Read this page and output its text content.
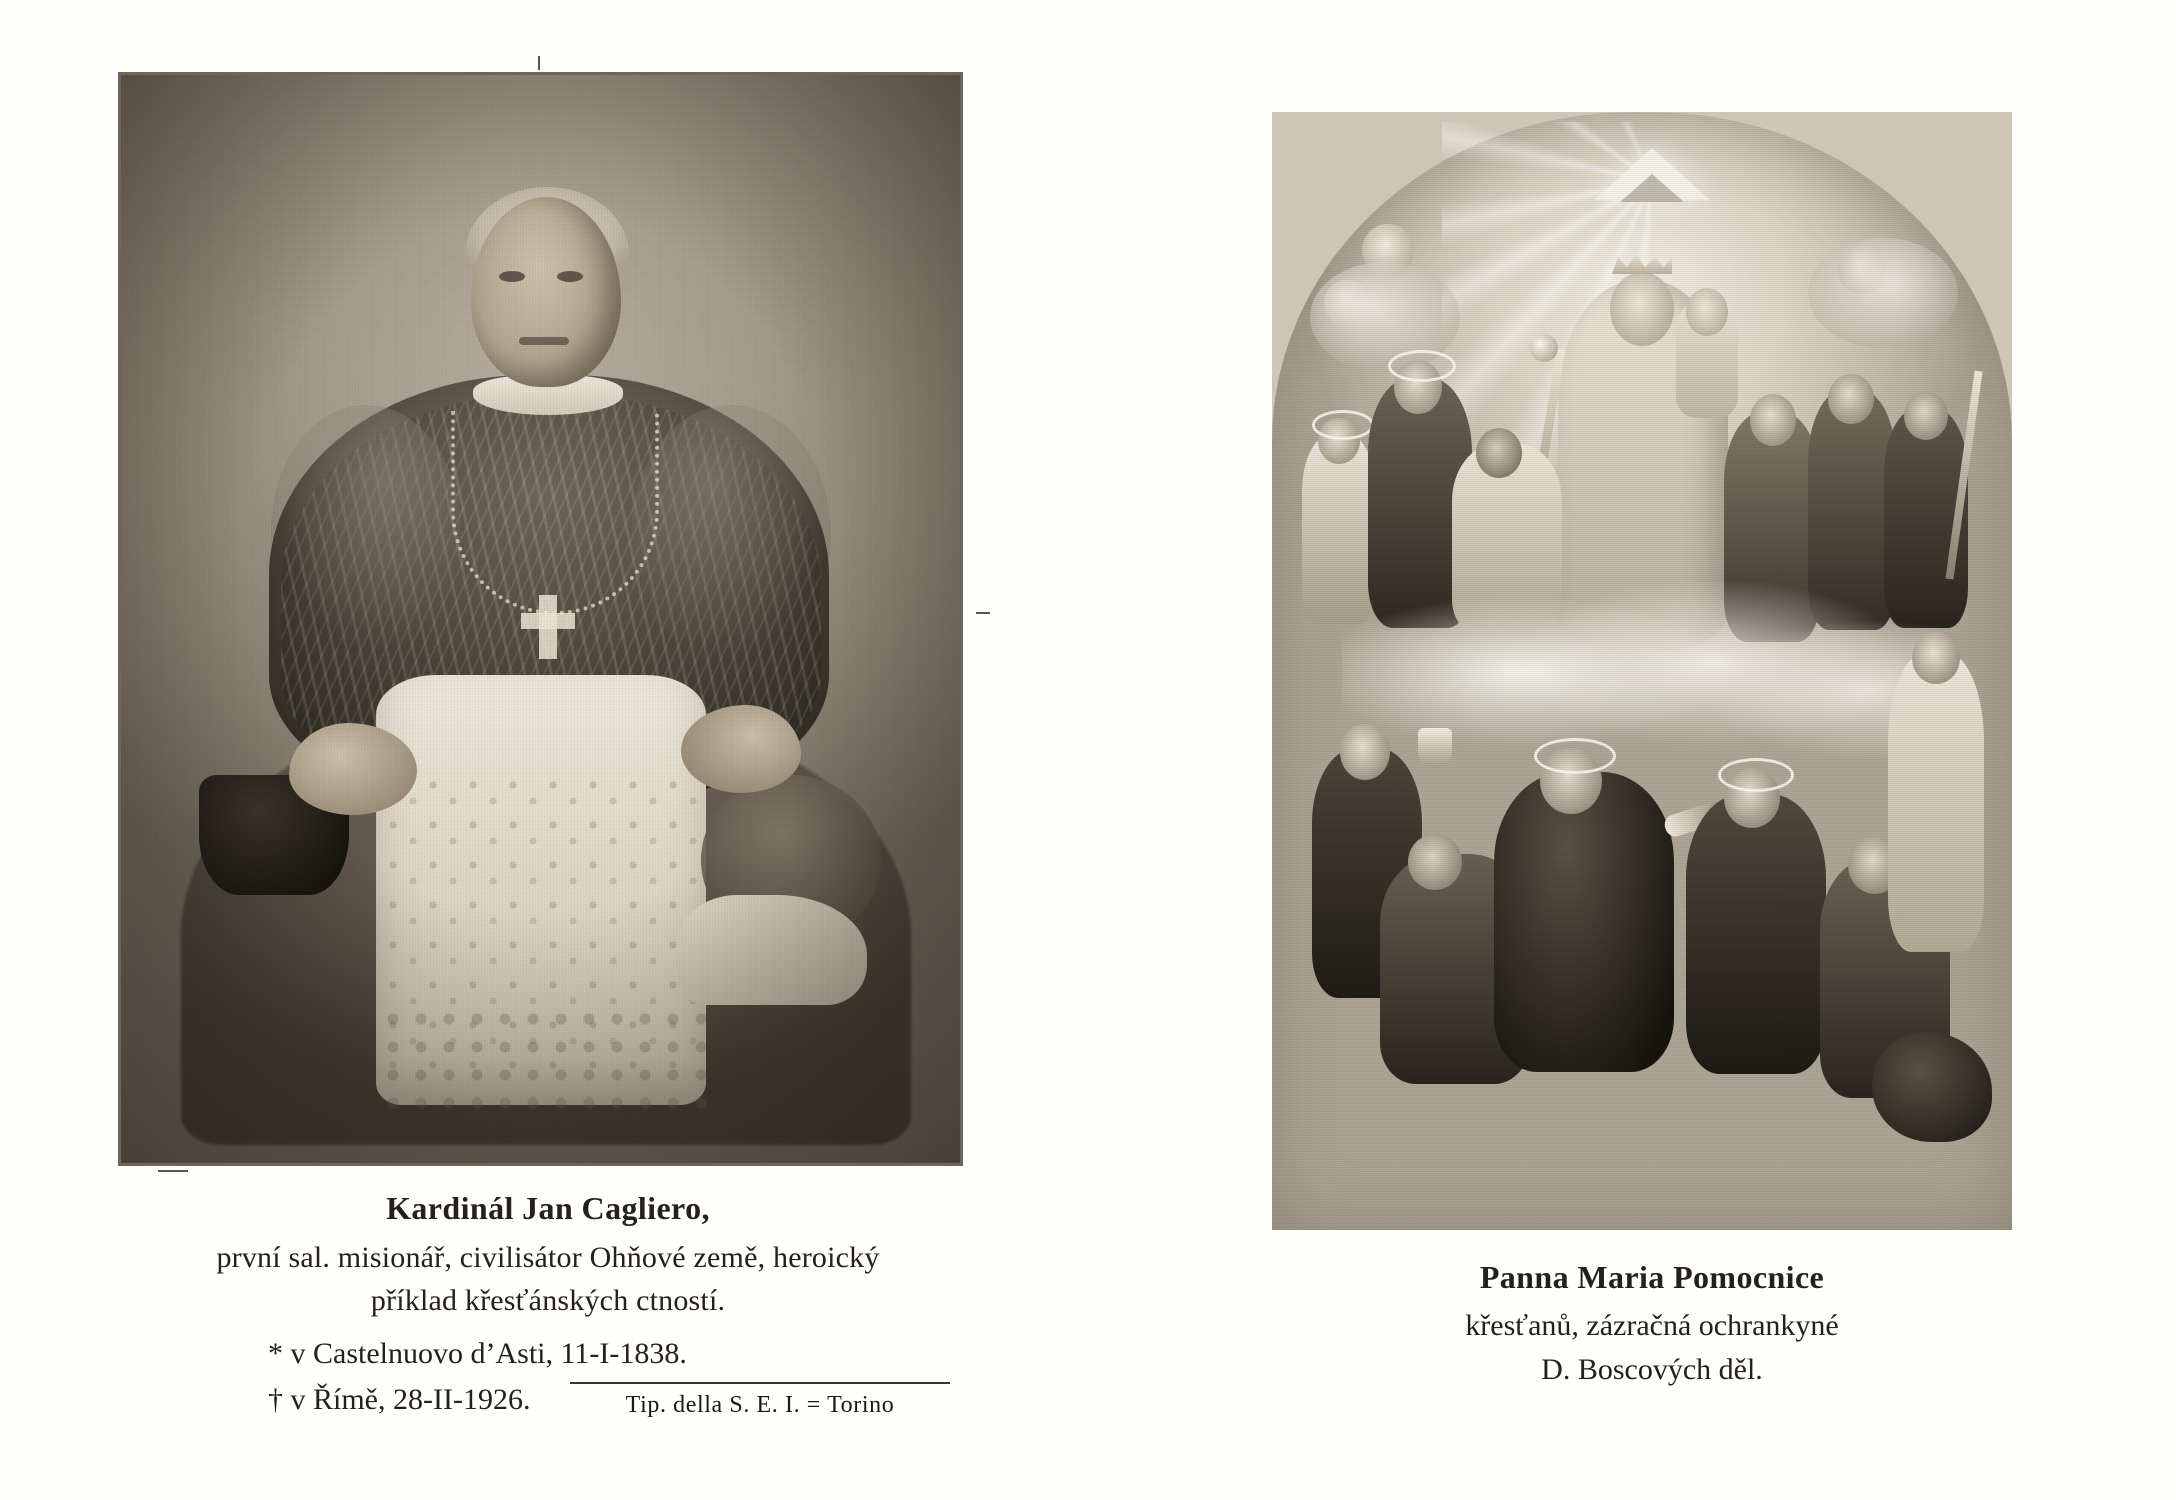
Kardinál Jan Cagliero,
první sal. misionář, civilisátor Ohňové země, heroický
příklad křesťánských ctností.
* v Castelnuovo d’Asti, 11-I-1838.
† v Římě, 28-II-1926.	Tip. della S. E. I. = Torino
Panna Maria Pomocnice
křesťanů, zázračná ochrankyné
D. Boscových děl.
